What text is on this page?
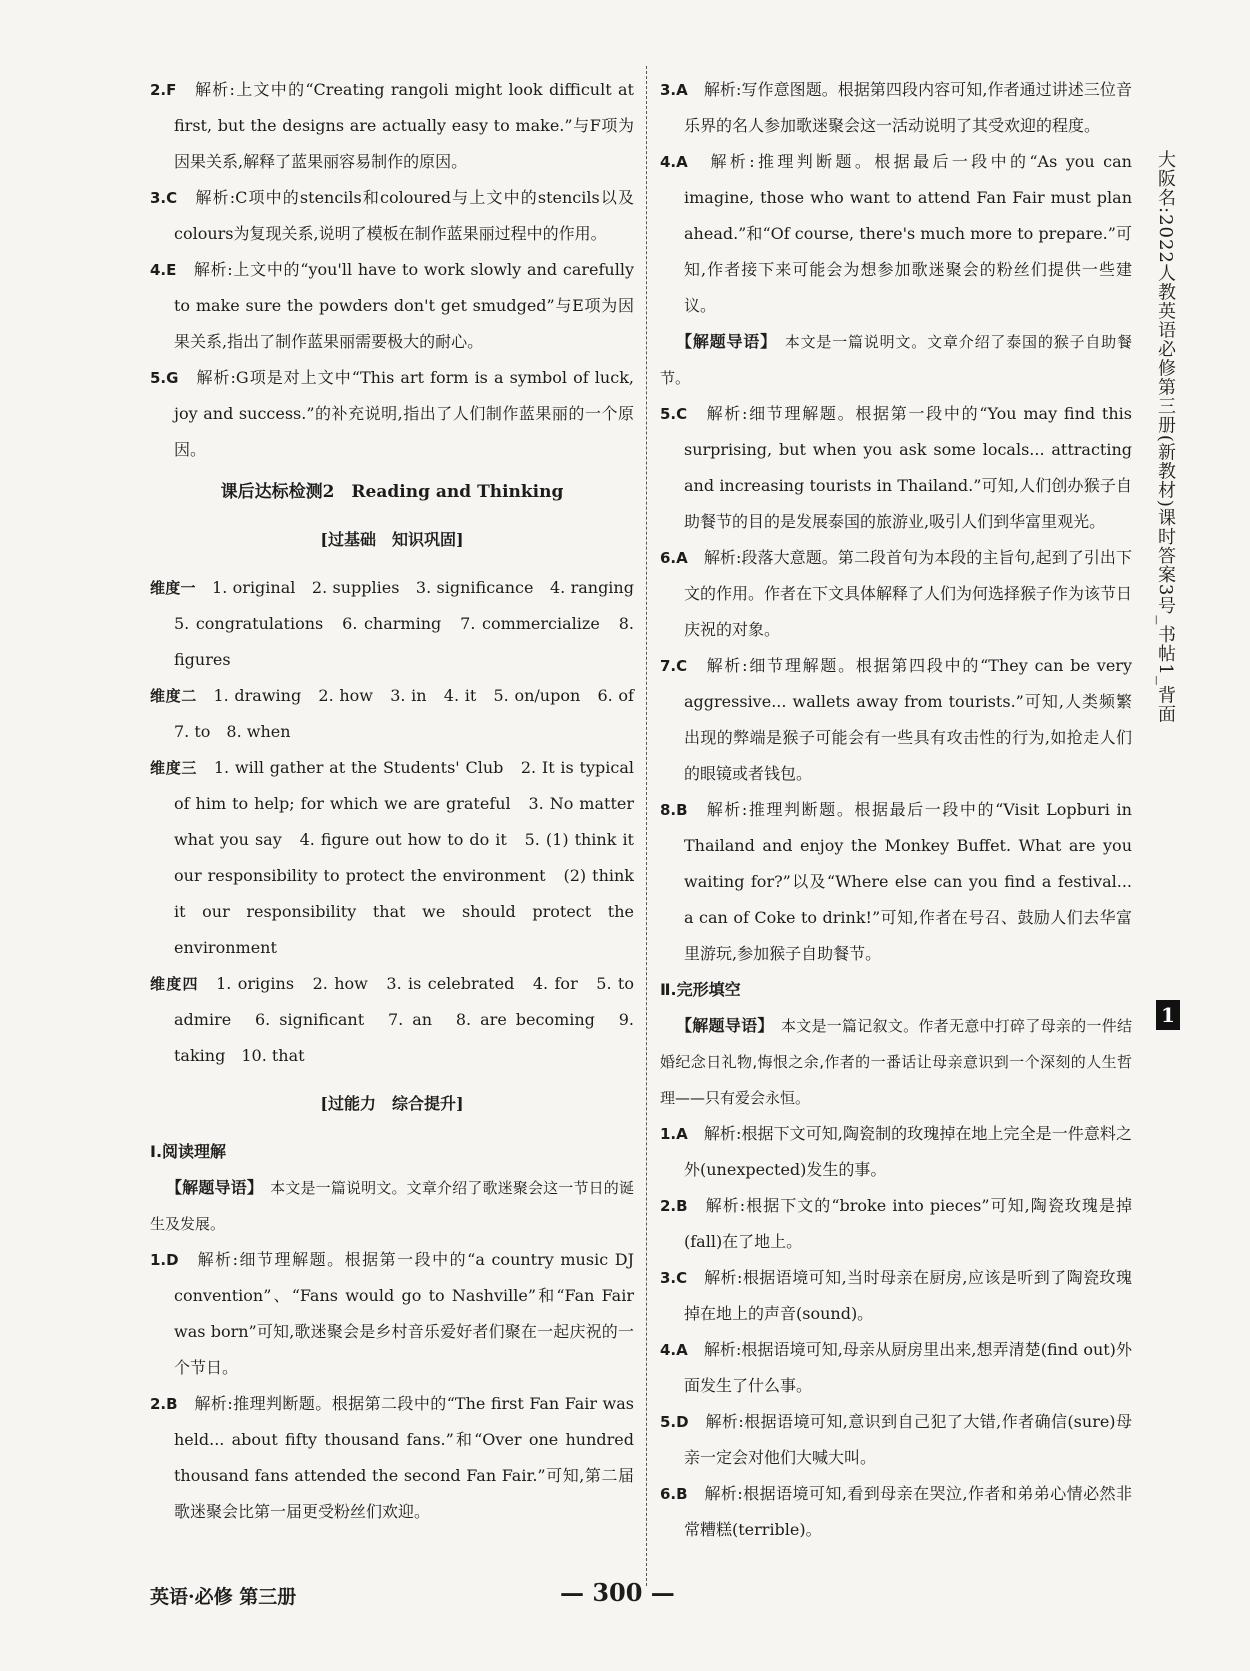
2.F　 解析:上文中的“Creating rangoli might look difficult at first, but the designs are actually easy to make.”与F项为因果关系,解释了蓝果丽容易制作的原因。

3.C　 解析:C项中的stencils和coloured与上文中的stencils以及colours为复现关系,说明了模板在制作蓝果丽过程中的作用。

4.E　 解析:上文中的“you'll have to work slowly and carefully to make sure the powders don't get smudged”与E项为因果关系,指出了制作蓝果丽需要极大的耐心。

5.G　 解析:G项是对上文中“This art form is a symbol of luck, joy and success.”的补充说明,指出了人们制作蓝果丽的一个原因。

课后达标检测2　Reading and Thinking

[过基础　知识巩固]

维度一　 1. original　2. supplies　3. significance　4. ranging　5. congratulations　6. charming　7. commercialize　8. figures

维度二　 1. drawing　2. how　3. in　4. it　5. on/upon　6. of　7. to　8. when

维度三　 1. will gather at the Students' Club　2. It is typical of him to help; for which we are grateful　3. No matter what you say　4. figure out how to do it　5. (1) think it our responsibility to protect the environment　(2) think it our responsibility that we should protect the environment

维度四　 1. origins　2. how　3. is celebrated　4. for　5. to　admire　6. significant　7. an　8. are becoming　9. taking　10. that

[过能力　综合提升]

Ⅰ.阅读理解

【解题导语】　 本文是一篇说明文。文章介绍了歌迷聚会这一节日的诞生及发展。

1.D　 解析:细节理解题。根据第一段中的“a country music DJ convention”、“Fans would go to Nashville”和“Fan Fair was born”可知,歌迷聚会是乡村音乐爱好者们聚在一起庆祝的一个节日。

2.B　 解析:推理判断题。根据第二段中的“The first Fan Fair was held... about fifty thousand fans.”和“Over one hundred thousand fans attended the second Fan Fair.”可知,第二届歌迷聚会比第一届更受粉丝们欢迎。

3.A　 解析:写作意图题。根据第四段内容可知,作者通过讲述三位音乐界的名人参加歌迷聚会这一活动说明了其受欢迎的程度。

4.A　 解析:推理判断题。根据最后一段中的“As you can imagine, those who want to attend Fan Fair must plan ahead.”和“Of course, there's much more to prepare.”可知,作者接下来可能会为想参加歌迷聚会的粉丝们提供一些建议。

【解题导语】　 本文是一篇说明文。文章介绍了泰国的猴子自助餐节。

5.C　 解析:细节理解题。根据第一段中的“You may find this surprising, but when you ask some locals... attracting and increasing tourists in Thailand.”可知,人们创办猴子自助餐节的目的是发展泰国的旅游业,吸引人们到华富里观光。

6.A　 解析:段落大意题。第二段首句为本段的主旨句,起到了引出下文的作用。作者在下文具体解释了人们为何选择猴子作为该节日庆祝的对象。

7.C　 解析:细节理解题。根据第四段中的“They can be very aggressive... wallets away from tourists.”可知,人类频繁出现的弊端是猴子可能会有一些具有攻击性的行为,如抢走人们的眼镜或者钱包。

8.B　 解析:推理判断题。根据最后一段中的“Visit Lopburi in Thailand and enjoy the Monkey Buffet. What are you waiting for?”以及“Where else can you find a festival... a can of Coke to drink!”可知,作者在号召、鼓励人们去华富里游玩,参加猴子自助餐节。

Ⅱ.完形填空

【解题导语】　 本文是一篇记叙文。作者无意中打碎了母亲的一件结婚纪念日礼物,悔恨之余,作者的一番话让母亲意识到一个深刻的人生哲理——只有爱会永恒。

1.A　 解析:根据下文可知,陶瓷制的玫瑰掉在地上完全是一件意料之外(unexpected)发生的事。

2.B　 解析:根据下文的“broke into pieces”可知,陶瓷玫瑰是掉(fall)在了地上。

3.C　 解析:根据语境可知,当时母亲在厨房,应该是听到了陶瓷玫瑰掉在地上的声音(sound)。

4.A　 解析:根据语境可知,母亲从厨房里出来,想弄清楚(find out)外面发生了什么事。

5.D　 解析:根据语境可知,意识到自己犯了大错,作者确信(sure)母亲一定会对他们大喊大叫。

6.B　 解析:根据语境可知,看到母亲在哭泣,作者和弟弟心情必然非常糟糕(terrible)。

英语·必修 第三册	— 300 —
大阪名:2022人教英语必修第三册(新教材)课时答案3号_书帖1_背面
1
